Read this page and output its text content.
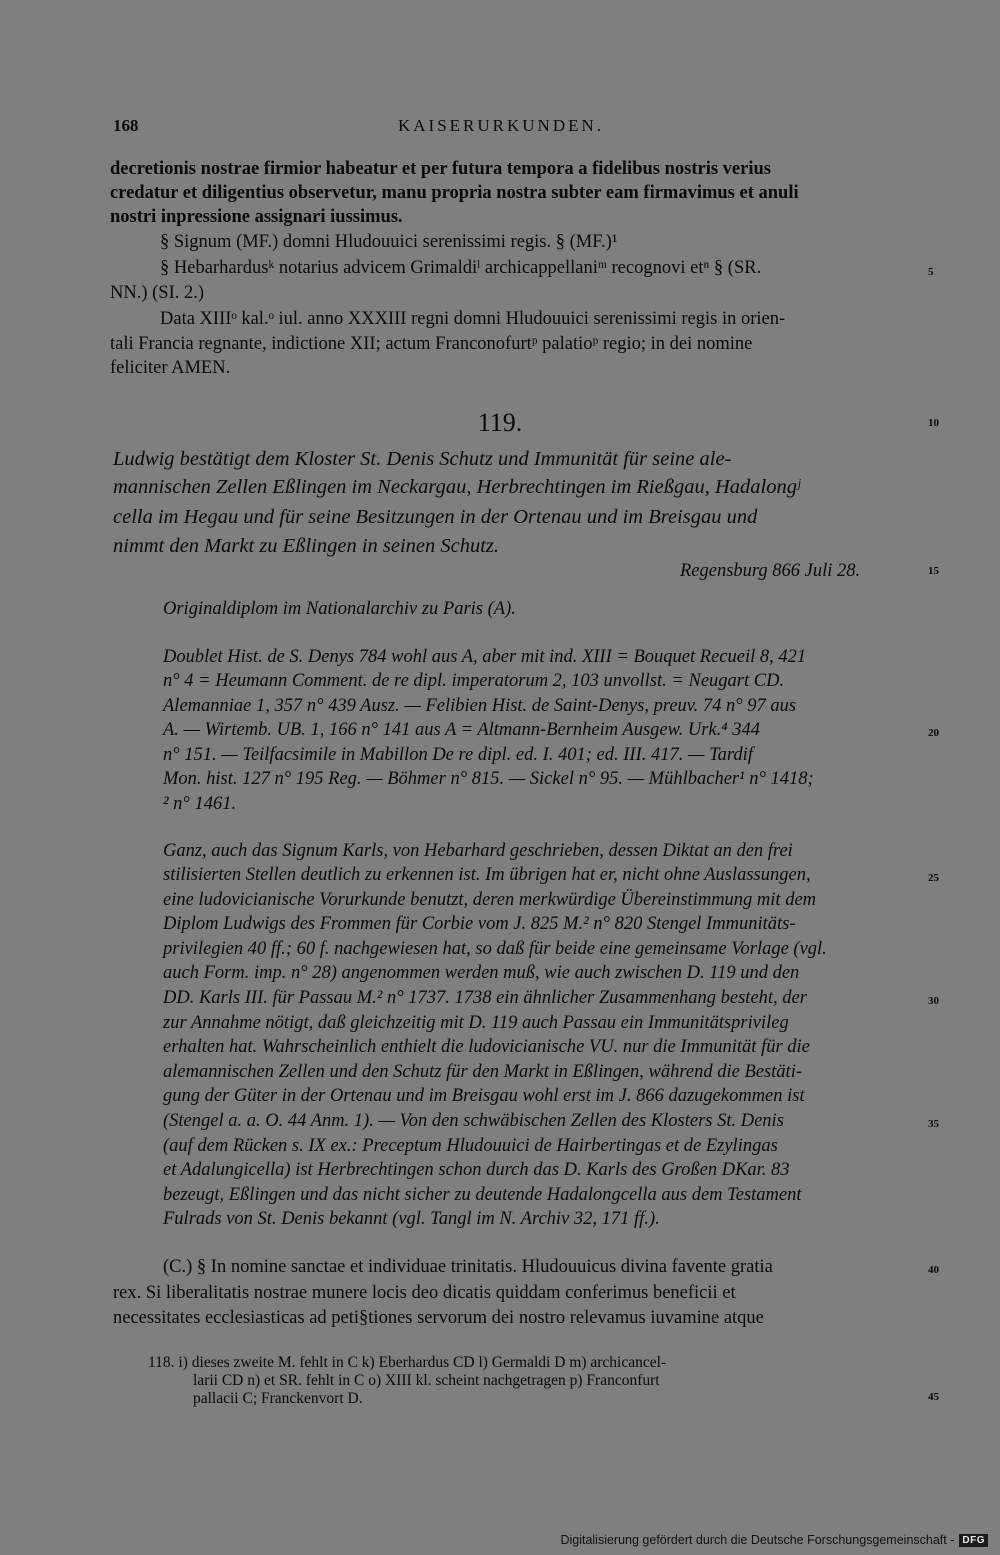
168	KAISERURKUNDEN.
decretionis nostrae firmior habeatur et per futura tempora a fidelibus nostris verius
credatur et diligentius observetur, manu propria nostra subter eam firmavimus et anuli
nostri inpressione assignari iussimus.
§ Signum (MF.) domni Hludouuici serenissimi regis. § (MF.)¹
§ Hebarhardusᵏ notarius advicem Grimaldiˡ archicappellaniᵐ recognovi etⁿ § (SR.
NN.) (SI. 2.)
Data XIIIᵒ kal.ᵒ iul. anno XXXIII regni domni Hludouuici serenissimi regis in orien-
tali Francia regnante, indictione XII; actum Franconofurtᵖ palatioᵖ regio; in dei nomine
feliciter AMEN.
119.
Ludwig bestätigt dem Kloster St. Denis Schutz und Immunität für seine ale-
mannischen Zellen Eßlingen im Neckargau, Herbrechtingen im Rießgau, Hadalongʲ
cella im Hegau und für seine Besitzungen in der Ortenau und im Breisgau und
nimmt den Markt zu Eßlingen in seinen Schutz.
Regensburg 866 Juli 28.
Originaldiplom im Nationalarchiv zu Paris (A).
Doublet Hist. de S. Denys 784 wohl aus A, aber mit ind. XIII = Bouquet Recueil 8, 421
n° 4 = Heumann Comment. de re dipl. imperatorum 2, 103 unvollst. = Neugart CD.
Alemanniae 1, 357 n° 439 Ausz. — Felibien Hist. de Saint-Denys, preuv. 74 n° 97 aus
A. — Wirtemb. UB. 1, 166 n° 141 aus A = Altmann-Bernheim Ausgew. Urk.⁴ 344
n° 151. — Teilfacsimile in Mabillon De re dipl. ed. I. 401; ed. III. 417. — Tardif
Mon. hist. 127 n° 195 Reg. — Böhmer n° 815. — Sickel n° 95. — Mühlbacher¹ n° 1418;
² n° 1461.
Ganz, auch das Signum Karls, von Hebarhard geschrieben, dessen Diktat an den frei
stilisierten Stellen deutlich zu erkennen ist. Im übrigen hat er, nicht ohne Auslassungen,
eine ludovicianische Vorurkunde benutzt, deren merkwürdige Übereinstimmung mit dem
Diplom Ludwigs des Frommen für Corbie vom J. 825 M.² n° 820 Stengel Immunitäts-
privilegien 40 ff.; 60 f. nachgewiesen hat, so daß für beide eine gemeinsame Vorlage (vgl.
auch Form. imp. n° 28) angenommen werden muß, wie auch zwischen D. 119 und den
DD. Karls III. für Passau M.² n° 1737. 1738 ein ähnlicher Zusammenhang besteht, der
zur Annahme nötigt, daß gleichzeitig mit D. 119 auch Passau ein Immunitätsprivileg
erhalten hat. Wahrscheinlich enthielt die ludovicianische VU. nur die Immunität für die
alemannischen Zellen und den Schutz für den Markt in Eßlingen, während die Bestäti-
gung der Güter in der Ortenau und im Breisgau wohl erst im J. 866 dazugekommen ist
(Stengel a. a. O. 44 Anm. 1). — Von den schwäbischen Zellen des Klosters St. Denis
(auf dem Rücken s. IX ex.: Preceptum Hludouuici de Hairbertingas et de Ezylingas
et Adalungicella) ist Herbrechtingen schon durch das D. Karls des Großen DKar. 83
bezeugt, Eßlingen und das nicht sicher zu deutende Hadalongcella aus dem Testament
Fulrads von St. Denis bekannt (vgl. Tangl im N. Archiv 32, 171 ff.).
(C.) § In nomine sanctae et individuae trinitatis. Hludouuicus divina favente gratia
rex. Si liberalitatis nostrae munere locis deo dicatis quiddam conferimus beneficii et
necessitates ecclesiasticas ad peti§tiones servorum dei nostro relevamus iuvamine atque
118. i) dieses zweite M. fehlt in C k) Eberhardus CD l) Germaldi D m) archicancel-
larii CD n) et SR. fehlt in C o) XIII kl. scheint nachgetragen p) Franconfurt
pallacii C; Franckenvort D.
5
10
15
20
25
30
35
40
45
Digitalisierung gefördert durch die Deutsche Forschungsgemeinschaft - DFG
